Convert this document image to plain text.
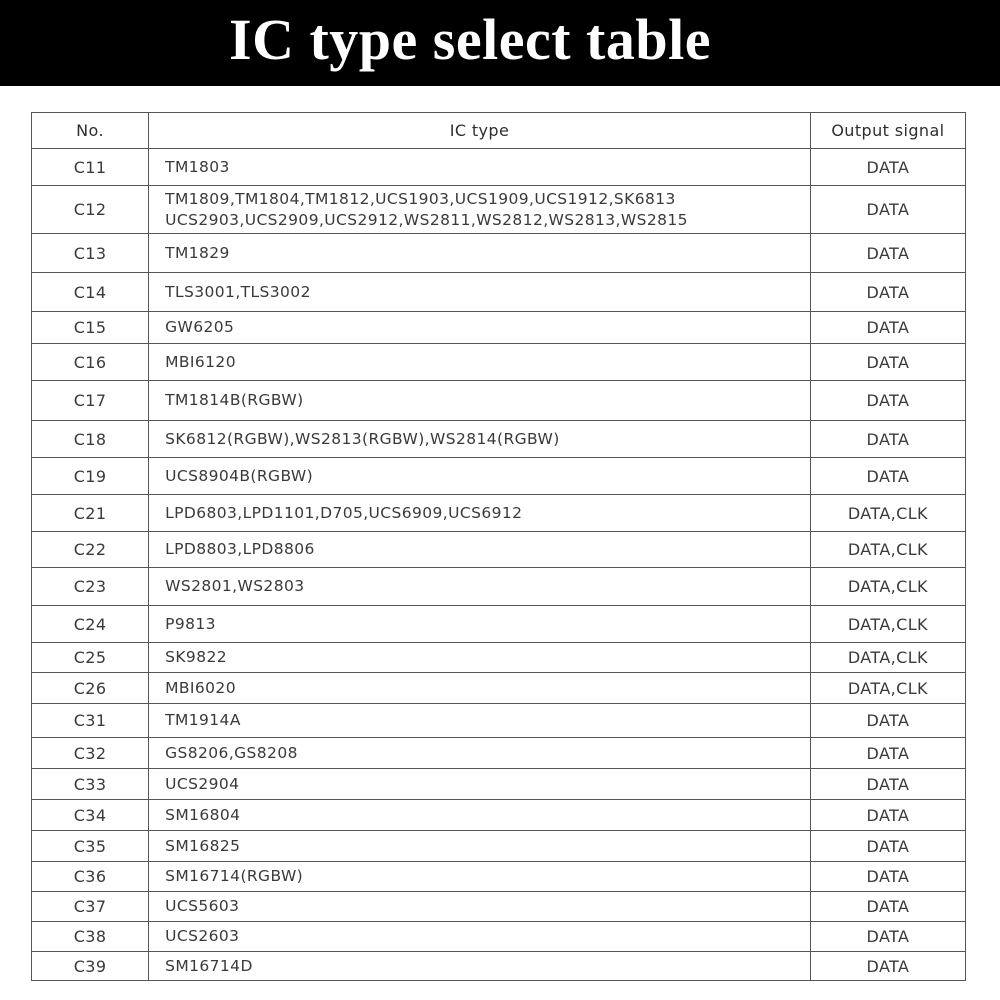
IC type select table
No.	IC type	Output signal
C11	TM1803	DATA
C12	TM1809,TM1804,TM1812,UCS1903,UCS1909,UCS1912,SK6813
UCS2903,UCS2909,UCS2912,WS2811,WS2812,WS2813,WS2815	DATA
C13	TM1829	DATA
C14	TLS3001,TLS3002	DATA
C15	GW6205	DATA
C16	MBI6120	DATA
C17	TM1814B(RGBW)	DATA
C18	SK6812(RGBW),WS2813(RGBW),WS2814(RGBW)	DATA
C19	UCS8904B(RGBW)	DATA
C21	LPD6803,LPD1101,D705,UCS6909,UCS6912	DATA,CLK
C22	LPD8803,LPD8806	DATA,CLK
C23	WS2801,WS2803	DATA,CLK
C24	P9813	DATA,CLK
C25	SK9822	DATA,CLK
C26	MBI6020	DATA,CLK
C31	TM1914A	DATA
C32	GS8206,GS8208	DATA
C33	UCS2904	DATA
C34	SM16804	DATA
C35	SM16825	DATA
C36	SM16714(RGBW)	DATA
C37	UCS5603	DATA
C38	UCS2603	DATA
C39	SM16714D	DATA
